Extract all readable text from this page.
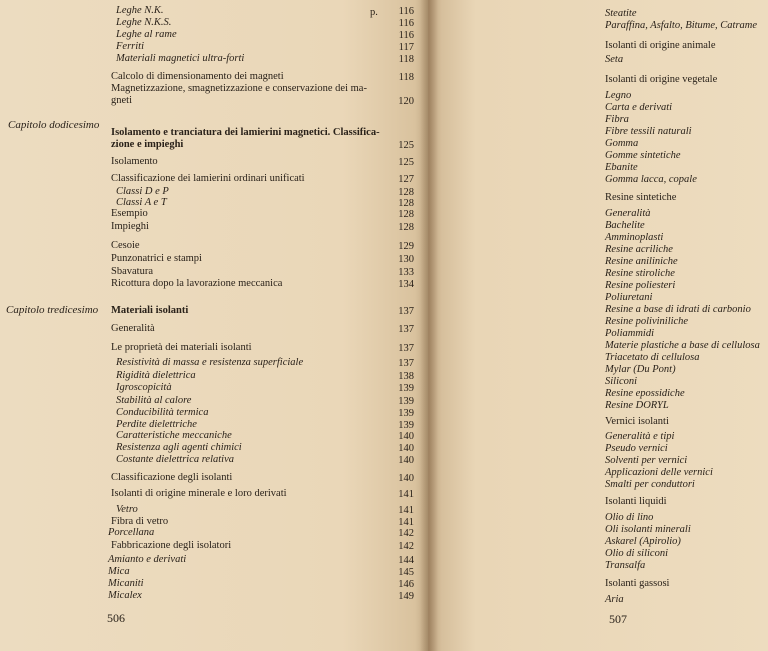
Leghe N.K.	116
Leghe N.K.S.	116
Leghe al rame	116
Ferriti	117
Materiali magnetici ultra-forti	118
Calcolo di dimensionamento dei magneti	118
Magnetizzazione, smagnetizzazione e conservazione dei ma-
gneti	120
Isolamento e tranciatura dei lamierini magnetici. Classifica-
zione e impieghi	125
Isolamento	125
Classificazione dei lamierini ordinari unificati	127
Classi D e P	128
Classi A e T	128
Esempio	128
Impieghi	128
Cesoie	129
Punzonatrici e stampi	130
Sbavatura	133
Ricottura dopo la lavorazione meccanica	134
Materiali isolanti	137
Generalità	137
Le proprietà dei materiali isolanti	137
Resistività di massa e resistenza superficiale	137
Rigidità dielettrica	138
Igroscopicità	139
Stabilità al calore	139
Conducibilità termica	139
Perdite dielettriche	139
Caratteristiche meccaniche	140
Resistenza agli agenti chimici	140
Costante dielettrica relativa	140
Classificazione degli isolanti	140
Isolanti di origine minerale e loro derivati	141
Vetro	141
Fibra di vetro	141
Porcellana	142
Fabbricazione degli isolatori	142
Amianto e derivati	144
Mica	145
Micaniti	146
Micalex	149
Steatite
Paraffina, Asfalto, Bitume, Catrame
Isolanti di origine animale
Seta
Isolanti di origine vegetale
Legno
Carta e derivati
Fibra
Fibre tessili naturali
Gomma
Gomme sintetiche
Ebanite
Gomma lacca, copale
Resine sintetiche
Generalità
Bachelite
Amminoplasti
Resine acriliche
Resine aniliniche
Resine stiroliche
Resine poliesteri
Poliuretani
Resine a base di idrati di carbonio
Resine poliviniliche
Poliammidi
Materie plastiche a base di cellulosa
Triacetato di cellulosa
Mylar (Du Pont)
Siliconi
Resine epossidiche
Resine DORYL
Vernici isolanti
Generalità e tipi
Pseudo vernici
Solventi per vernici
Applicazioni delle vernici
Smalti per conduttori
Isolanti liquidi
Olio di lino
Oli isolanti minerali
Askarel (Apirolio)
Olio di siliconi
Transalfa
Isolanti gassosi
Aria
Capitolo dodicesimo
Capitolo tredicesimo
p.
506	507
